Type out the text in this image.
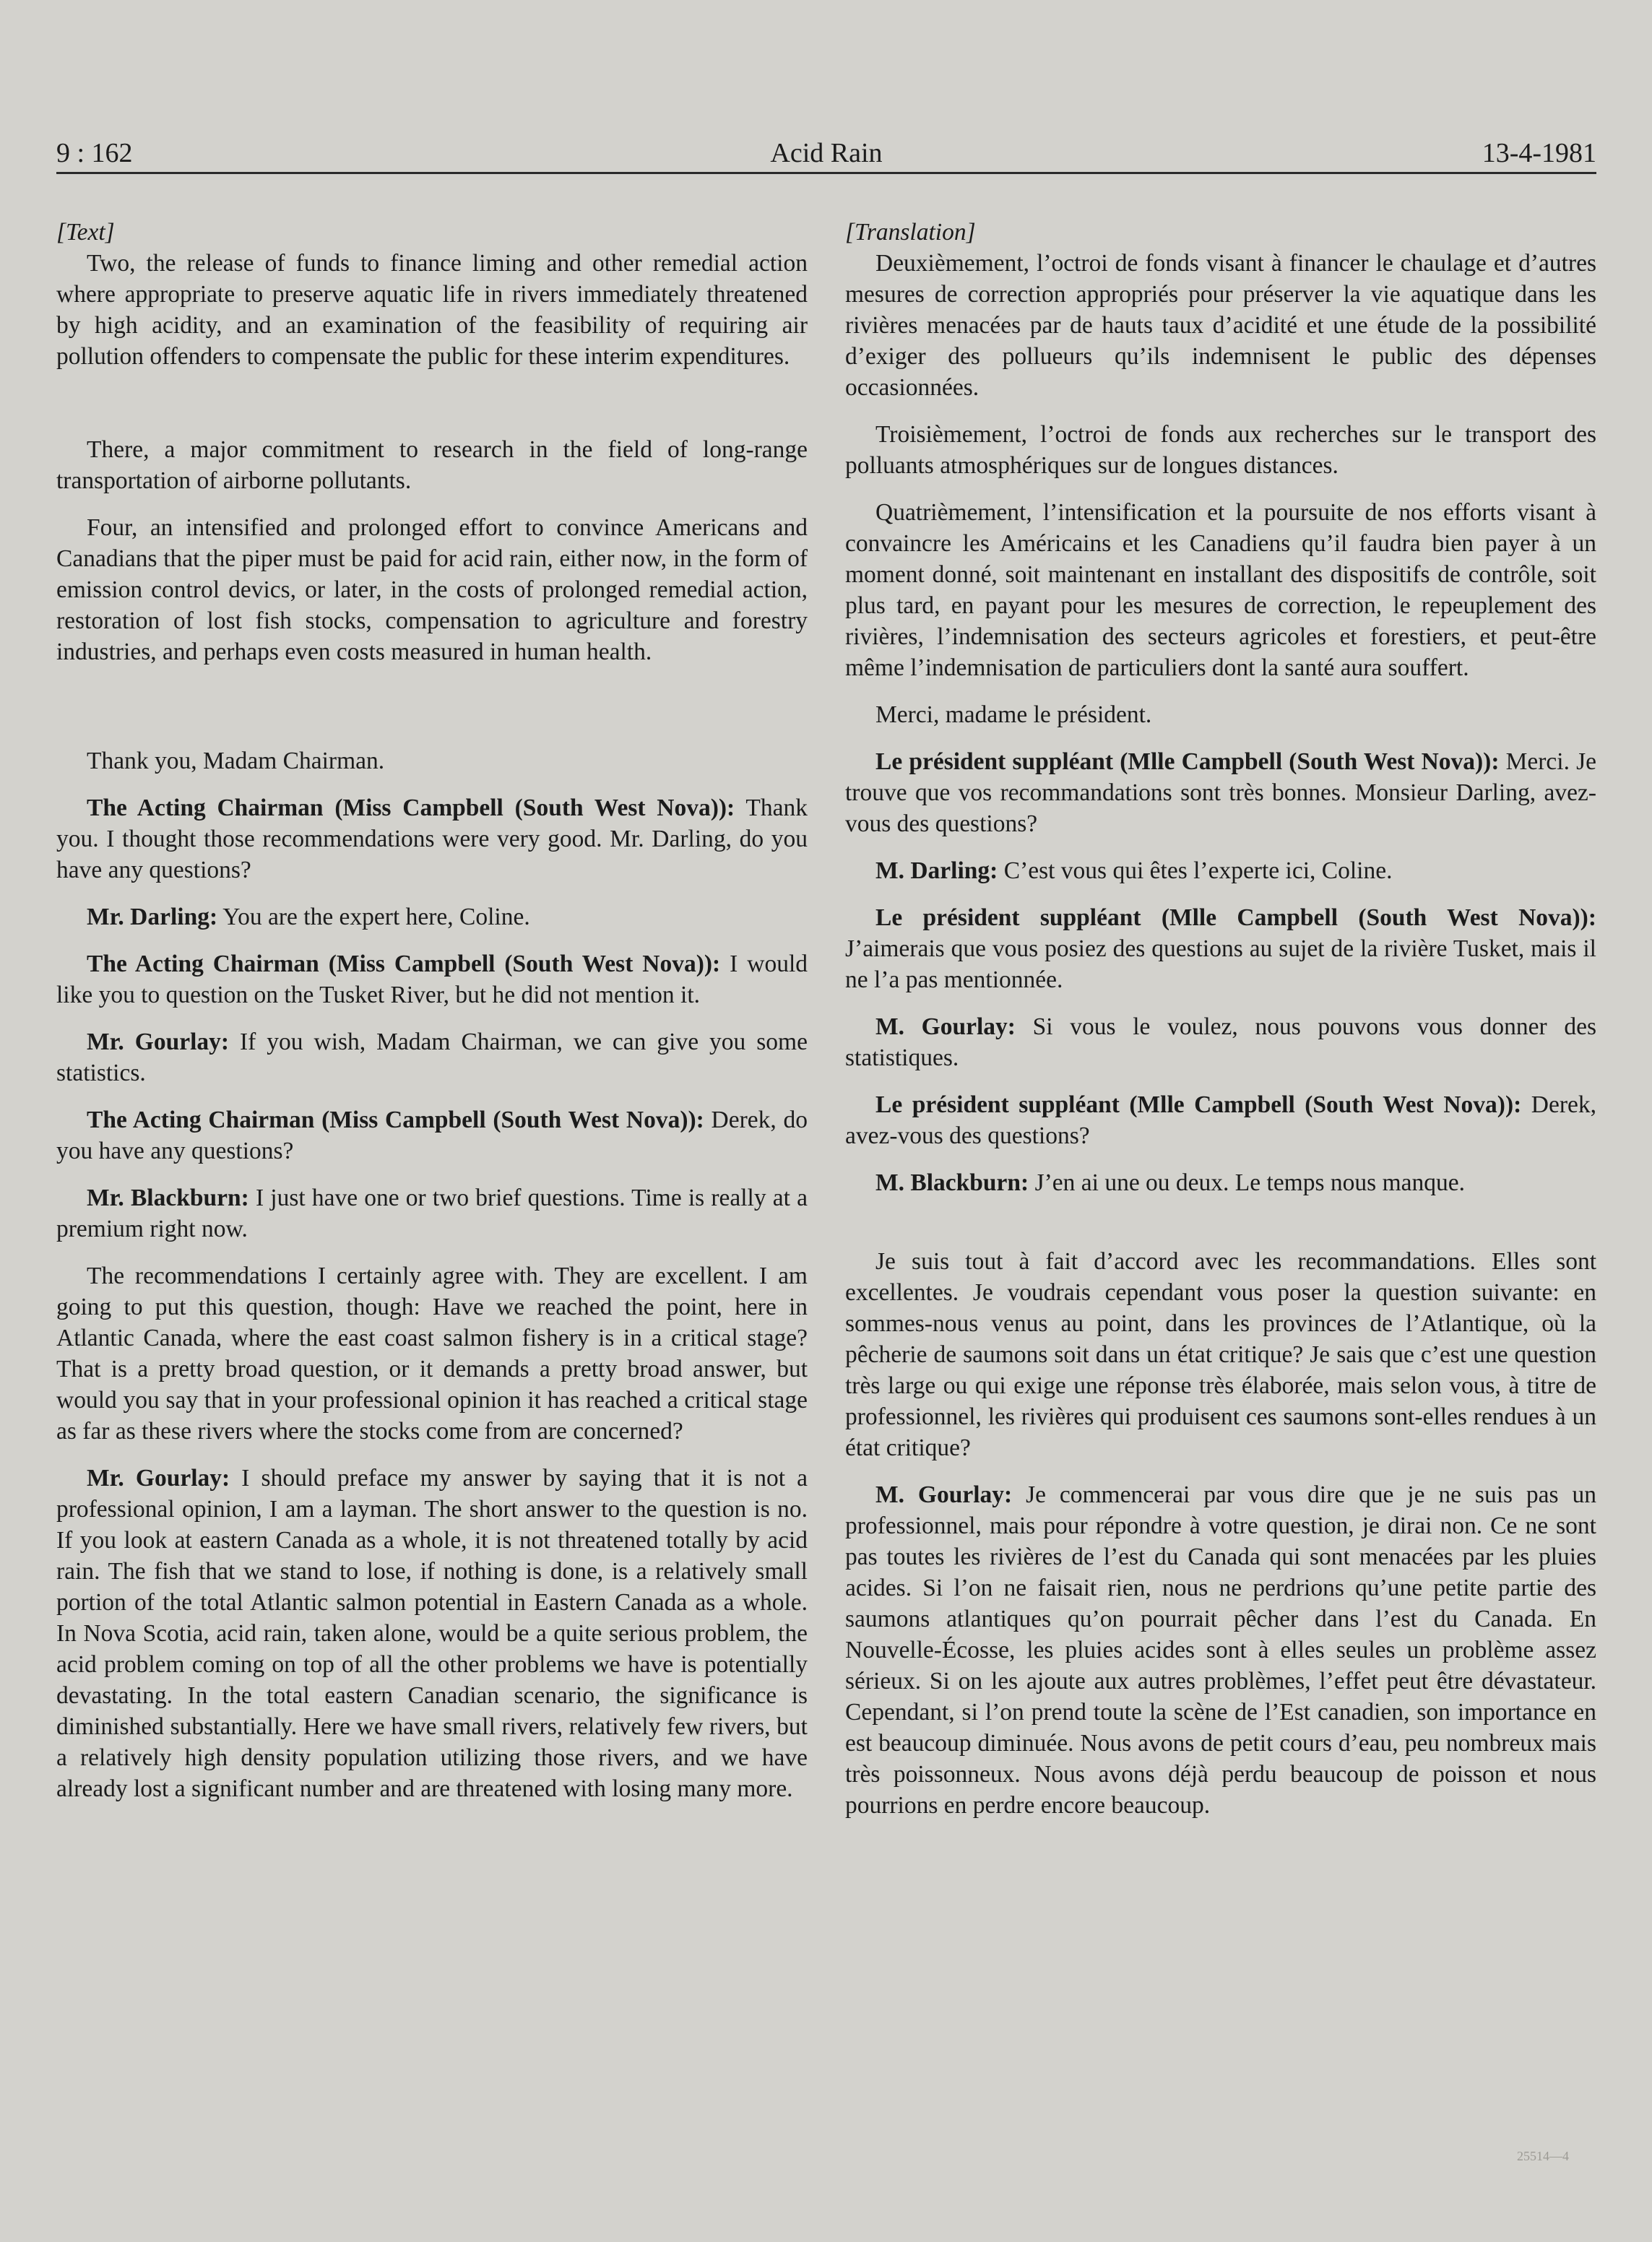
9 : 162	Acid Rain	13-4-1981
[Text]

Two, the release of funds to finance liming and other remedial action where appropriate to preserve aquatic life in rivers immediately threatened by high acidity, and an examination of the feasibility of requiring air pollution offenders to compensate the public for these interim expenditures.

There, a major commitment to research in the field of long-range transportation of airborne pollutants.

Four, an intensified and prolonged effort to convince Americans and Canadians that the piper must be paid for acid rain, either now, in the form of emission control devics, or later, in the costs of prolonged remedial action, restoration of lost fish stocks, compensation to agriculture and forestry industries, and perhaps even costs measured in human health.

Thank you, Madam Chairman.

The Acting Chairman (Miss Campbell (South West Nova)): Thank you. I thought those recommendations were very good. Mr. Darling, do you have any questions?

Mr. Darling: You are the expert here, Coline.

The Acting Chairman (Miss Campbell (South West Nova)): I would like you to question on the Tusket River, but he did not mention it.

Mr. Gourlay: If you wish, Madam Chairman, we can give you some statistics.

The Acting Chairman (Miss Campbell (South West Nova)): Derek, do you have any questions?

Mr. Blackburn: I just have one or two brief questions. Time is really at a premium right now.

The recommendations I certainly agree with. They are excellent. I am going to put this question, though: Have we reached the point, here in Atlantic Canada, where the east coast salmon fishery is in a critical stage? That is a pretty broad question, or it demands a pretty broad answer, but would you say that in your professional opinion it has reached a critical stage as far as these rivers where the stocks come from are concerned?

Mr. Gourlay: I should preface my answer by saying that it is not a professional opinion, I am a layman. The short answer to the question is no. If you look at eastern Canada as a whole, it is not threatened totally by acid rain. The fish that we stand to lose, if nothing is done, is a relatively small portion of the total Atlantic salmon potential in Eastern Canada as a whole. In Nova Scotia, acid rain, taken alone, would be a quite serious problem, the acid problem coming on top of all the other problems we have is potentially devastating. In the total eastern Canadian scenario, the significance is diminished substantially. Here we have small rivers, relatively few rivers, but a relatively high density population utilizing those rivers, and we have already lost a significant number and are threatened with losing many more.

[Translation]

Deuxièmement, l’octroi de fonds visant à financer le chaulage et d’autres mesures de correction appropriés pour préserver la vie aquatique dans les rivières menacées par de hauts taux d’acidité et une étude de la possibilité d’exiger des pollueurs qu’ils indemnisent le public des dépenses occasionnées.

Troisièmement, l’octroi de fonds aux recherches sur le transport des polluants atmosphériques sur de longues distances.

Quatrièmement, l’intensification et la poursuite de nos efforts visant à convaincre les Américains et les Canadiens qu’il faudra bien payer à un moment donné, soit maintenant en installant des dispositifs de contrôle, soit plus tard, en payant pour les mesures de correction, le repeuplement des rivières, l’indemnisation des secteurs agricoles et forestiers, et peut-être même l’indemnisation de particuliers dont la santé aura souffert.

Merci, madame le président.

Le président suppléant (Mlle Campbell (South West Nova)): Merci. Je trouve que vos recommandations sont très bonnes. Monsieur Darling, avez-vous des questions?

M. Darling: C’est vous qui êtes l’experte ici, Coline.

Le président suppléant (Mlle Campbell (South West Nova)): J’aimerais que vous posiez des questions au sujet de la rivière Tusket, mais il ne l’a pas mentionnée.

M. Gourlay: Si vous le voulez, nous pouvons vous donner des statistiques.

Le président suppléant (Mlle Campbell (South West Nova)): Derek, avez-vous des questions?

M. Blackburn: J’en ai une ou deux. Le temps nous manque.

Je suis tout à fait d’accord avec les recommandations. Elles sont excellentes. Je voudrais cependant vous poser la question suivante: en sommes-nous venus au point, dans les provinces de l’Atlantique, où la pêcherie de saumons soit dans un état critique? Je sais que c’est une question très large ou qui exige une réponse très élaborée, mais selon vous, à titre de professionnel, les rivières qui produisent ces saumons sont-elles rendues à un état critique?

M. Gourlay: Je commencerai par vous dire que je ne suis pas un professionnel, mais pour répondre à votre question, je dirai non. Ce ne sont pas toutes les rivières de l’est du Canada qui sont menacées par les pluies acides. Si l’on ne faisait rien, nous ne perdrions qu’une petite partie des saumons atlantiques qu’on pourrait pêcher dans l’est du Canada. En Nouvelle-Écosse, les pluies acides sont à elles seules un problème assez sérieux. Si on les ajoute aux autres problèmes, l’effet peut être dévastateur. Cependant, si l’on prend toute la scène de l’Est canadien, son importance en est beaucoup diminuée. Nous avons de petit cours d’eau, peu nombreux mais très poissonneux. Nous avons déjà perdu beaucoup de poisson et nous pourrions en perdre encore beaucoup.

25514—4
